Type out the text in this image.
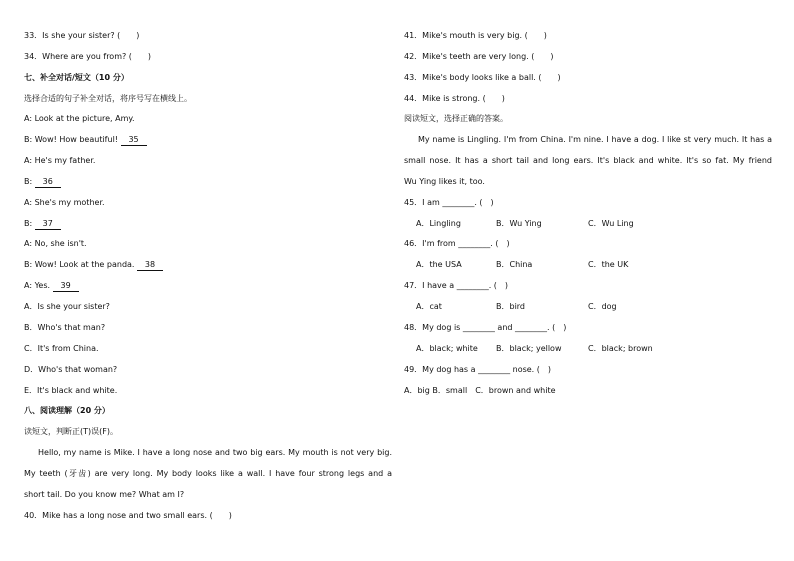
33．Is she your sister? (　　)
34．Where are you from? (　　)
七、补全对话/短文（10 分）
选择合适的句子补全对话，将序号写在横线上。
A: Look at the picture, Amy.
B: Wow! How beautiful! 35
A: He's my father.
B: 36
A: She's my mother.
B: 37
A: No, she isn't.
B: Wow! Look at the panda. 38
A: Yes. 39
A．Is she your sister?
B．Who's that man?
C．It's from China.
D．Who's that woman?
E．It's black and white.
八、阅读理解（20 分）
读短文，判断正(T)误(F)。
Hello, my name is Mike. I have a long nose and two big ears. My mouth is not very big.
My teeth (牙齿) are very long. My body looks like a wall. I have four strong legs and a
short tail. Do you know me? What am I?
40．Mike has a long nose and two small ears. (　　)
41．Mike's mouth is very big. (　　)
42．Mike's teeth are very long. (　　)
43．Mike's body looks like a ball. (　　)
44．Mike is strong. (　　)
阅读短文，选择正确的答案。
My name is Lingling. I'm from China. I'm nine. I have a dog. I like st very much. It has a
small nose. It has a short tail and long ears. It's black and white. It's so fat. My friend
Wu Ying likes it, too.
45．I am ________. (　)
A．Lingling	B．Wu Ying	C．Wu Ling
46．I'm from ________. (　)
A．the USA	B．China	C．the UK
47．I have a ________. (　)
A．cat	B．bird	C．dog
48．My dog is ________ and ________. (　)
A．black; white B．black; yellow	C．black; brown
49．My dog has a ________ nose. (　)
A．big B．small　C．brown and white
